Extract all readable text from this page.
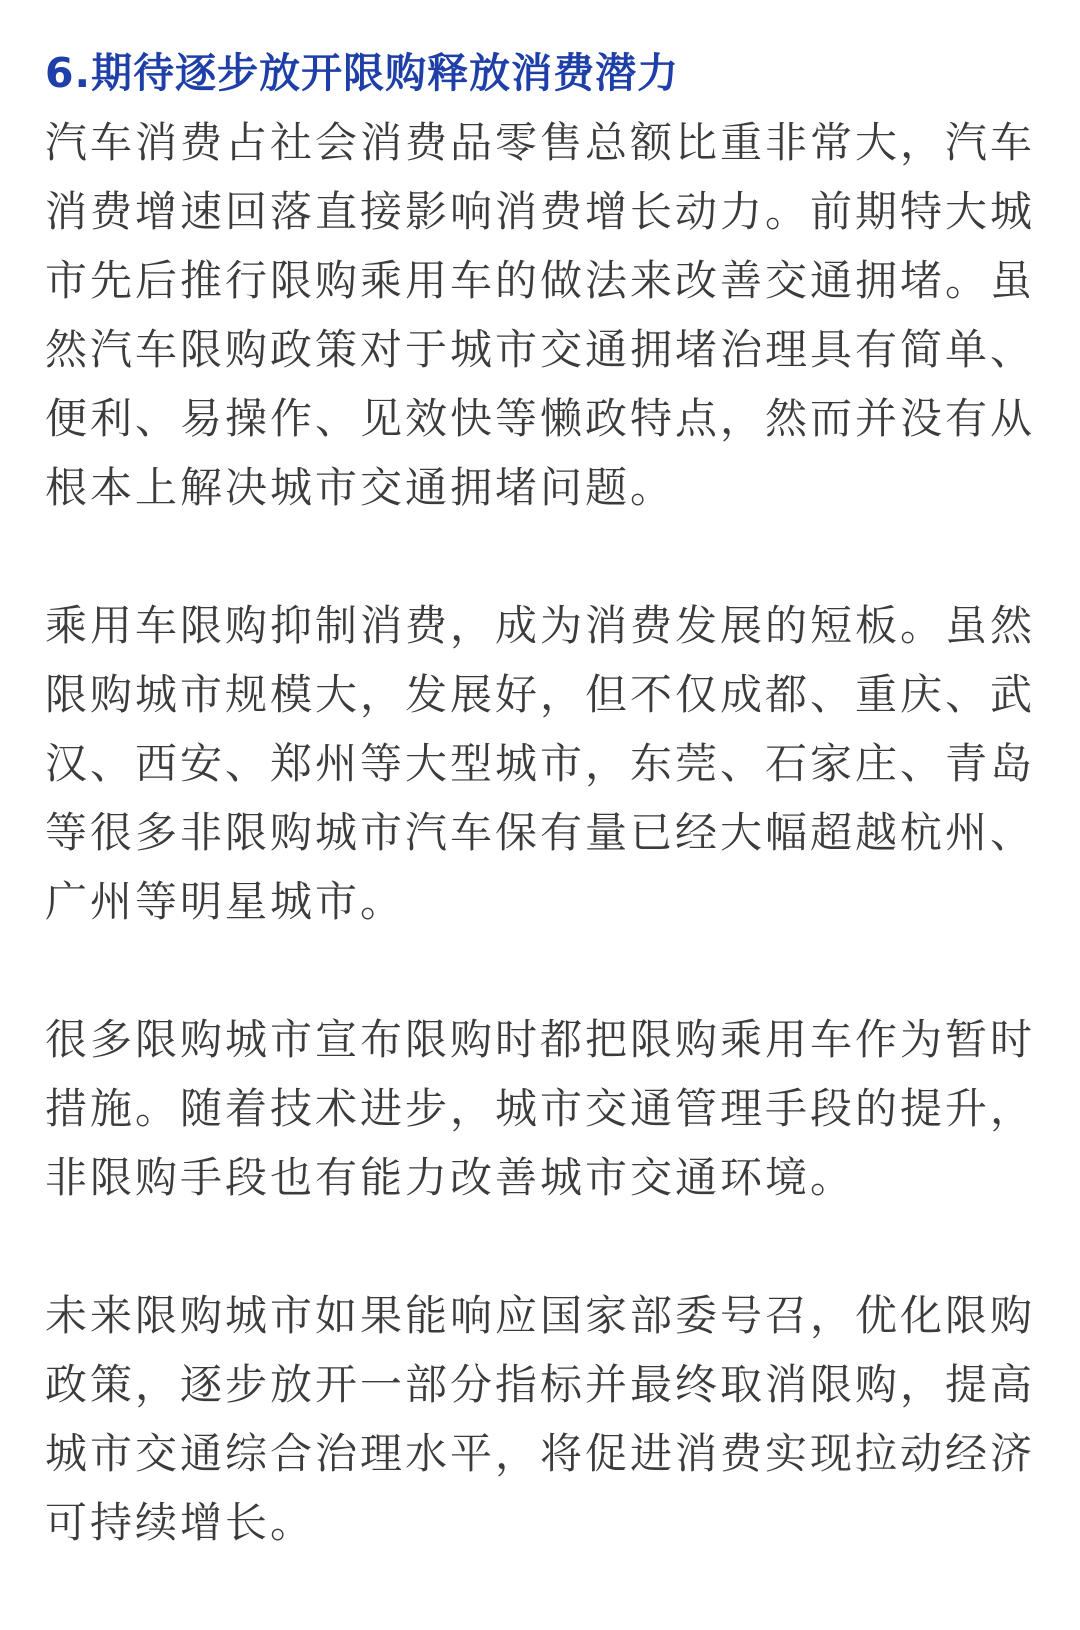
6.期待逐步放开限购释放消费潜力

汽车消费占社会消费品零售总额比重非常大，汽车消费增速回落直接影响消费增长动力。前期特大城市先后推行限购乘用车的做法来改善交通拥堵。虽然汽车限购政策对于城市交通拥堵治理具有简单、便利、易操作、见效快等懒政特点，然而并没有从根本上解决城市交通拥堵问题。

乘用车限购抑制消费，成为消费发展的短板。虽然限购城市规模大，发展好，但不仅成都、重庆、武汉、西安、郑州等大型城市，东莞、石家庄、青岛等很多非限购城市汽车保有量已经大幅超越杭州、广州等明星城市。

很多限购城市宣布限购时都把限购乘用车作为暂时措施。随着技术进步，城市交通管理手段的提升，非限购手段也有能力改善城市交通环境。

未来限购城市如果能响应国家部委号召，优化限购政策，逐步放开一部分指标并最终取消限购，提高城市交通综合治理水平，将促进消费实现拉动经济可持续增长。
